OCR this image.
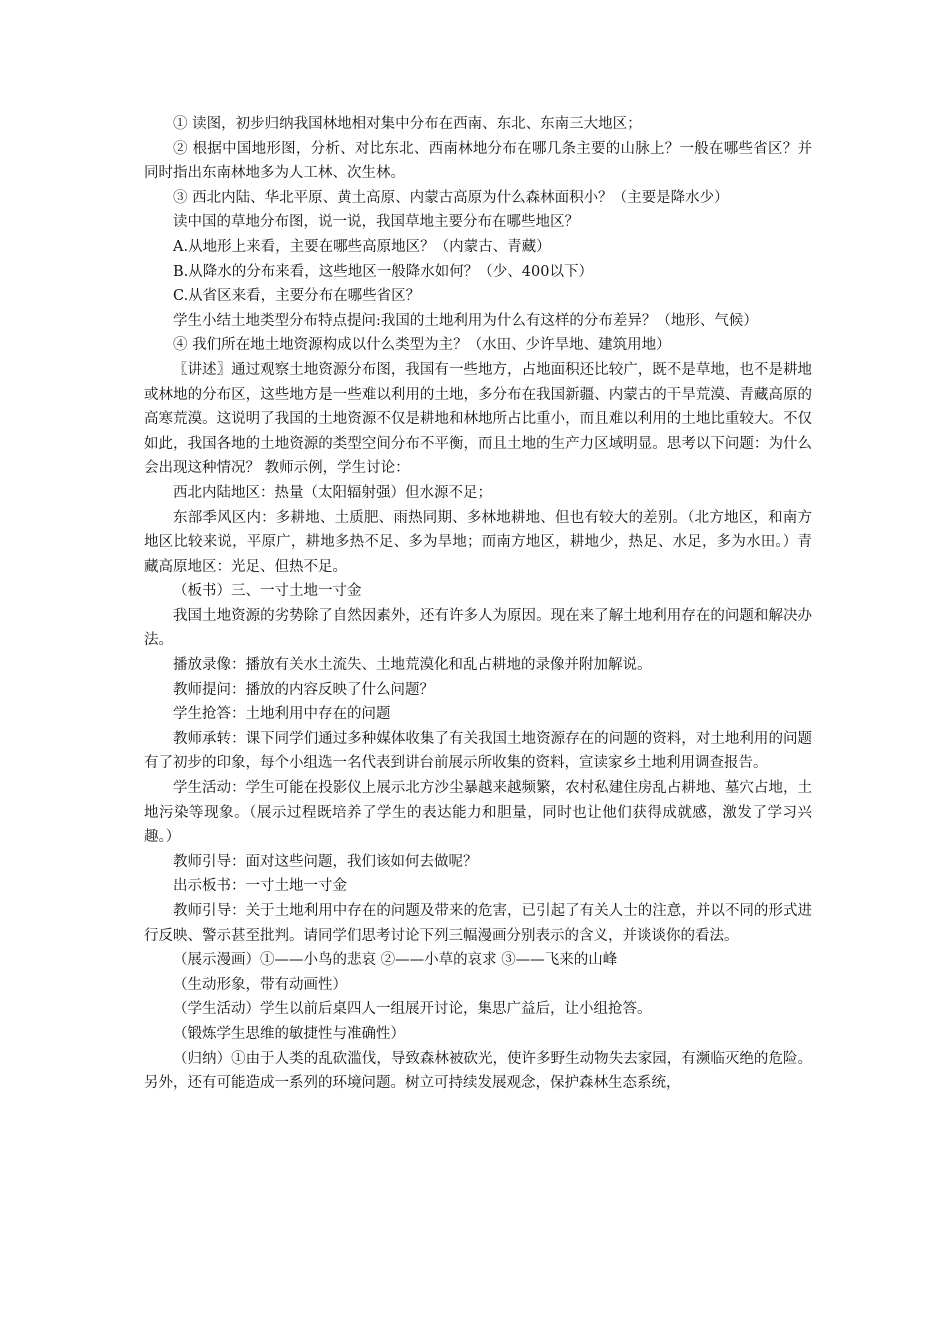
① 读图，初步归纳我国林地相对集中分布在西南、东北、东南三大地区；

② 根据中国地形图，分析、对比东北、西南林地分布在哪几条主要的山脉上？一般在哪些省区？并同时指出东南林地多为人工林、次生林。

③ 西北内陆、华北平原、黄土高原、内蒙古高原为什么森林面积小？（主要是降水少）

读中国的草地分布图，说一说，我国草地主要分布在哪些地区？

A.从地形上来看，主要在哪些高原地区？（内蒙古、青藏）

B.从降水的分布来看，这些地区一般降水如何？（少、400以下）

C.从省区来看，主要分布在哪些省区？

学生小结土地类型分布特点提问:我国的土地利用为什么有这样的分布差异？（地形、气候）

④ 我们所在地土地资源构成以什么类型为主？（水田、少许旱地、建筑用地）

〖讲述〗通过观察土地资源分布图，我国有一些地方，占地面积还比较广，既不是草地，也不是耕地或林地的分布区，这些地方是一些难以利用的土地，多分布在我国新疆、内蒙古的干旱荒漠、青藏高原的高寒荒漠。这说明了我国的土地资源不仅是耕地和林地所占比重小，而且难以利用的土地比重较大。不仅如此，我国各地的土地资源的类型空间分布不平衡，而且土地的生产力区域明显。思考以下问题：为什么会出现这种情况？ 教师示例，学生讨论：

西北内陆地区：热量（太阳辐射强）但水源不足；

东部季风区内：多耕地、土质肥、雨热同期、多林地耕地、但也有较大的差别。（北方地区，和南方地区比较来说，平原广，耕地多热不足、多为旱地；而南方地区，耕地少，热足、水足，多为水田。）青藏高原地区：光足、但热不足。

（板书）三、一寸土地一寸金

我国土地资源的劣势除了自然因素外，还有许多人为原因。现在来了解土地利用存在的问题和解决办法。

播放录像：播放有关水土流失、土地荒漠化和乱占耕地的录像并附加解说。

教师提问：播放的内容反映了什么问题？

学生抢答：土地利用中存在的问题

教师承转：课下同学们通过多种媒体收集了有关我国土地资源存在的问题的资料，对土地利用的问题有了初步的印象，每个小组选一名代表到讲台前展示所收集的资料，宣读家乡土地利用调查报告。

学生活动：学生可能在投影仪上展示北方沙尘暴越来越频繁，农村私建住房乱占耕地、墓穴占地，土地污染等现象。（展示过程既培养了学生的表达能力和胆量，同时也让他们获得成就感，激发了学习兴趣。）

教师引导：面对这些问题，我们该如何去做呢？

出示板书：一寸土地一寸金

教师引导：关于土地利用中存在的问题及带来的危害，已引起了有关人士的注意，并以不同的形式进行反映、警示甚至批判。请同学们思考讨论下列三幅漫画分别表示的含义，并谈谈你的看法。

（展示漫画）①——小鸟的悲哀 ②——小草的哀求 ③——飞来的山峰

（生动形象，带有动画性）

（学生活动）学生以前后桌四人一组展开讨论，集思广益后，让小组抢答。

（锻炼学生思维的敏捷性与准确性）

（归纳）①由于人类的乱砍滥伐，导致森林被砍光，使许多野生动物失去家园，有濒临灭绝的危险。另外，还有可能造成一系列的环境问题。树立可持续发展观念，保护森林生态系统，
